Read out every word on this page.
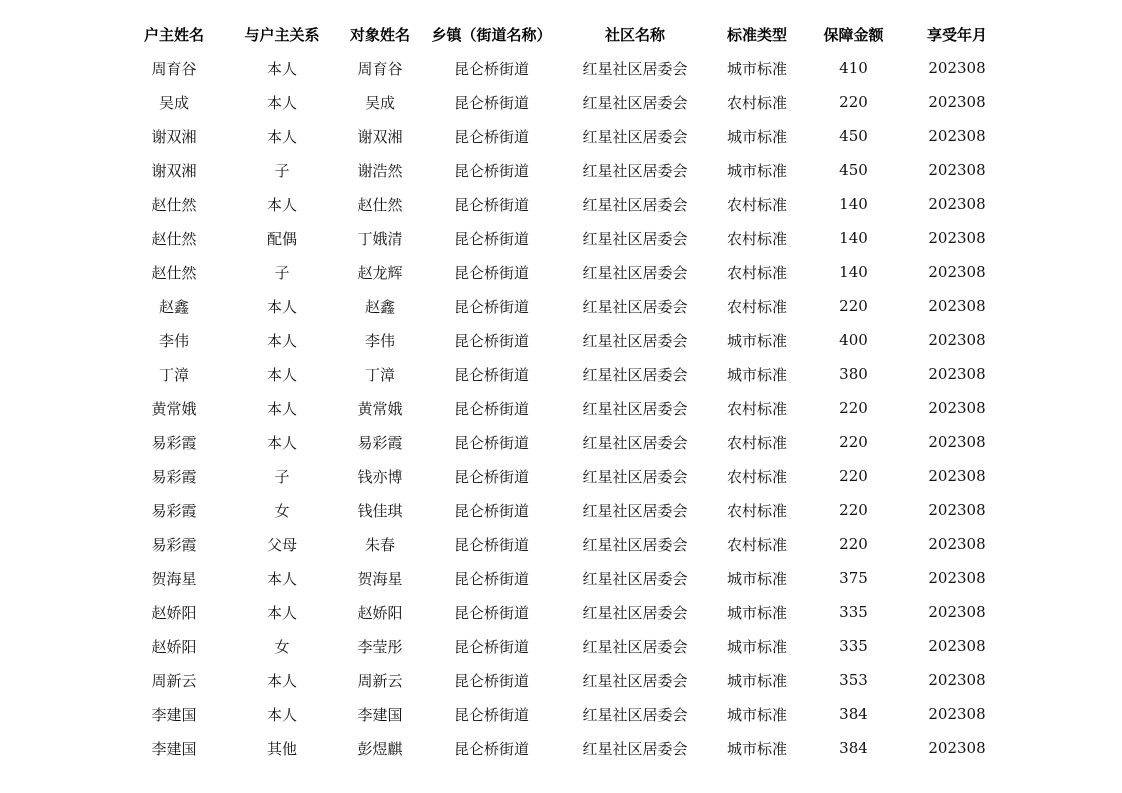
户主姓名	与户主关系	对象姓名	乡镇（街道名称）	社区名称	标准类型	保障金额	享受年月
周育谷	本人	周育谷	昆仑桥街道	红星社区居委会	城市标准	410	202308
吴成	本人	吴成	昆仑桥街道	红星社区居委会	农村标准	220	202308
谢双湘	本人	谢双湘	昆仑桥街道	红星社区居委会	城市标准	450	202308
谢双湘	子	谢浩然	昆仑桥街道	红星社区居委会	城市标准	450	202308
赵仕然	本人	赵仕然	昆仑桥街道	红星社区居委会	农村标准	140	202308
赵仕然	配偶	丁娥清	昆仑桥街道	红星社区居委会	农村标准	140	202308
赵仕然	子	赵龙辉	昆仑桥街道	红星社区居委会	农村标准	140	202308
赵鑫	本人	赵鑫	昆仑桥街道	红星社区居委会	农村标准	220	202308
李伟	本人	李伟	昆仑桥街道	红星社区居委会	城市标准	400	202308
丁漳	本人	丁漳	昆仑桥街道	红星社区居委会	城市标准	380	202308
黄常娥	本人	黄常娥	昆仑桥街道	红星社区居委会	农村标准	220	202308
易彩霞	本人	易彩霞	昆仑桥街道	红星社区居委会	农村标准	220	202308
易彩霞	子	钱亦博	昆仑桥街道	红星社区居委会	农村标准	220	202308
易彩霞	女	钱佳琪	昆仑桥街道	红星社区居委会	农村标准	220	202308
易彩霞	父母	朱春	昆仑桥街道	红星社区居委会	农村标准	220	202308
贺海星	本人	贺海星	昆仑桥街道	红星社区居委会	城市标准	375	202308
赵娇阳	本人	赵娇阳	昆仑桥街道	红星社区居委会	城市标准	335	202308
赵娇阳	女	李莹彤	昆仑桥街道	红星社区居委会	城市标准	335	202308
周新云	本人	周新云	昆仑桥街道	红星社区居委会	城市标准	353	202308
李建国	本人	李建国	昆仑桥街道	红星社区居委会	城市标准	384	202308
李建国	其他	彭煜麒	昆仑桥街道	红星社区居委会	城市标准	384	202308
